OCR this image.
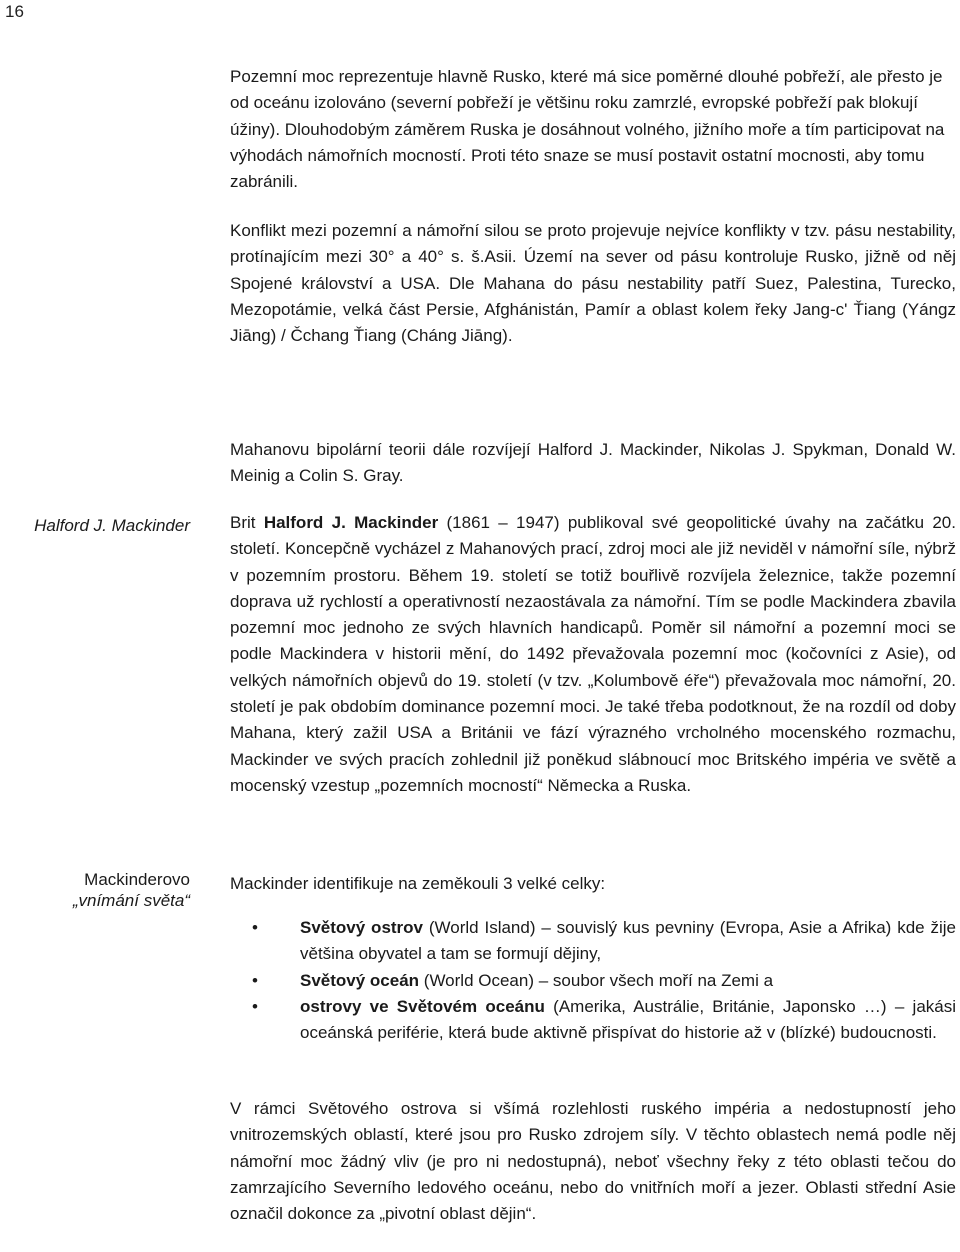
16

Pozemní moc reprezentuje hlavně Rusko, které má sice poměrné dlouhé pobřeží, ale přesto je od oceánu izolováno (severní pobřeží je většinu roku zamrzlé, evropské pobřeží pak blokují úžiny). Dlouhodobým záměrem Ruska je dosáhnout volného, jižního moře a tím participovat na výhodách námořních mocností. Proti této snaze se musí postavit ostatní mocnosti, aby tomu zabránili.

Konflikt mezi pozemní a námořní silou se proto projevuje nejvíce konflikty v tzv. pásu nestability, protínajícím mezi 30° a 40° s. š.Asii. Území na sever od pásu kontroluje Rusko, jižně od něj Spojené království a USA. Dle Mahana do pásu nestability patří Suez, Palestina, Turecko, Mezopotámie, velká část Persie, Afghánistán, Pamír a oblast kolem řeky Jang-c' Ťiang (Yángz Jiāng) / Čchang Ťiang (Cháng Jiāng).

Mahanovu bipolární teorii dále rozvíjejí Halford J. Mackinder, Nikolas J. Spykman, Donald W. Meinig a Colin S. Gray.

Halford J. Mackinder Brit Halford J. Mackinder (1861 – 1947) publikoval své geopolitické úvahy na začátku 20. století. Koncepčně vycházel z Mahanových prací, zdroj moci ale již neviděl v námořní síle, nýbrž v pozemním prostoru. Během 19. století se totiž bouřlivě rozvíjela železnice, takže pozemní doprava už rychlostí a operativností nezaostávala za námořní. Tím se podle Mackindera zbavila pozemní moc jednoho ze svých hlavních handicapů. Poměr sil námořní a pozemní moci se podle Mackindera v historii mění, do 1492 převažovala pozemní moc (kočovníci z Asie), od velkých námořních objevů do 19. století (v tzv. „Kolumbově éře“) převažovala moc námořní, 20. století je pak obdobím dominance pozemní moci. Je také třeba podotknout, že na rozdíl od doby Mahana, který zažil USA a Británii ve fází výrazného vrcholného mocenského rozmachu, Mackinder ve svých pracích zohlednil již poněkud slábnoucí moc Britského impéria ve světě a mocenský vzestup „pozemních mocností“ Německa a Ruska.

Mackinderovo
„vnímání světa“

Mackinder identifikuje na zeměkouli 3 velké celky:

• Světový ostrov (World Island) – souvislý kus pevniny (Evropa, Asie a Afrika) kde žije většina obyvatel a tam se formují dějiny,
• Světový oceán (World Ocean) – soubor všech moří na Zemi a
• ostrovy ve Světovém oceánu (Amerika, Austrálie, Británie, Japonsko …) – jakási oceánská periférie, která bude aktivně přispívat do historie až v (blízké) budoucnosti.

V rámci Světového ostrova si všímá rozlehlosti ruského impéria a nedostupností jeho vnitrozemských oblastí, které jsou pro Rusko zdrojem síly. V těchto oblastech nemá podle něj námořní moc žádný vliv (je pro ni nedostupná), neboť všechny řeky z této oblasti tečou do zamrzajícího Severního ledového oceánu, nebo do vnitřních moří a jezer. Oblasti střední Asie označil dokonce za „pivotní oblast dějin“.
